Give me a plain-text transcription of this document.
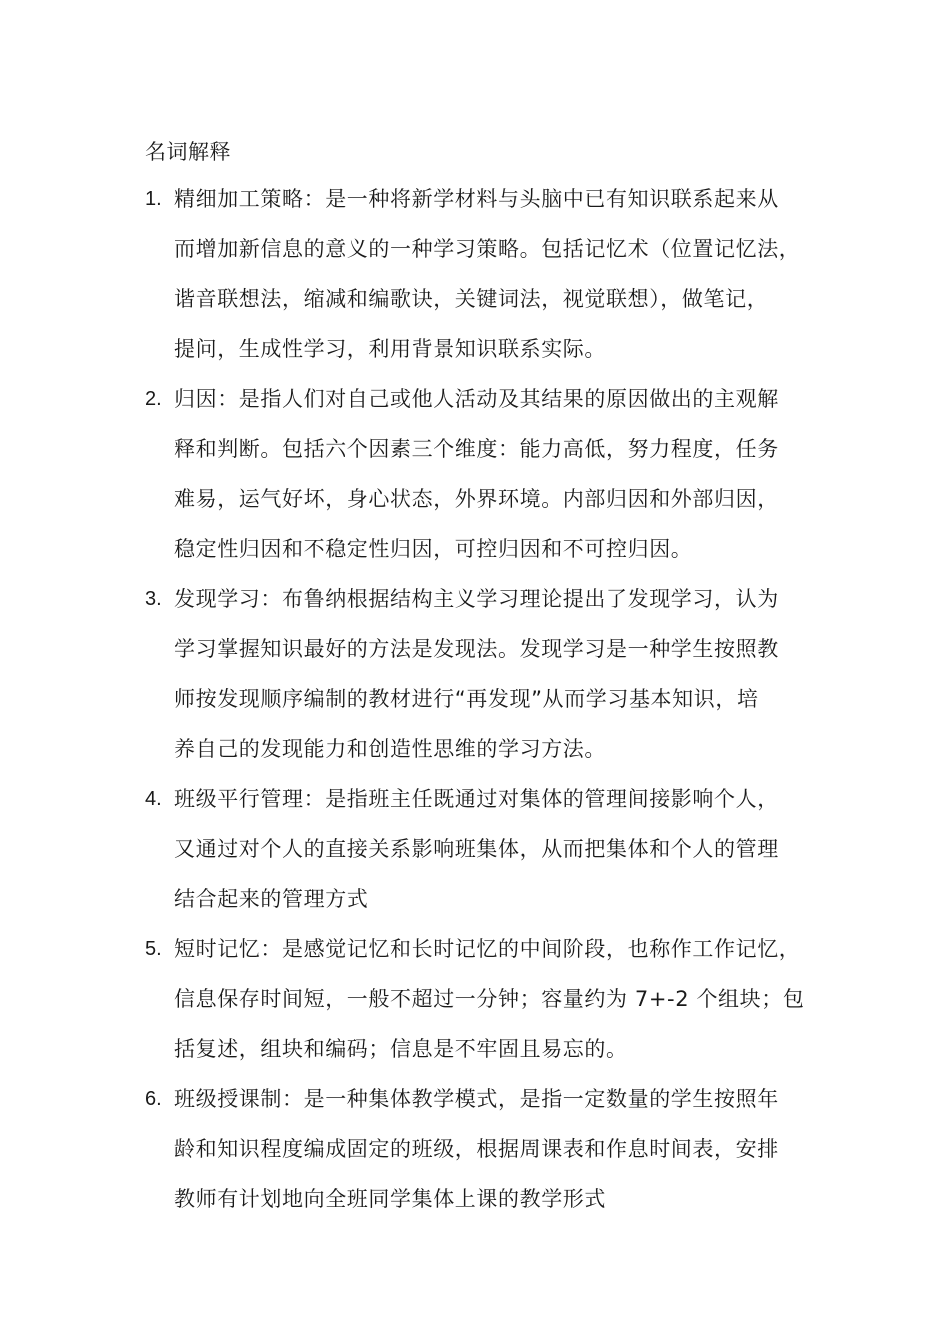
名词解释
1. 精细加工策略：是一种将新学材料与头脑中已有知识联系起来从
而增加新信息的意义的一种学习策略。包括记忆术（位置记忆法，
谐音联想法，缩减和编歌诀，关键词法，视觉联想），做笔记，
提问，生成性学习，利用背景知识联系实际。
2. 归因：是指人们对自己或他人活动及其结果的原因做出的主观解
释和判断。包括六个因素三个维度：能力高低，努力程度，任务
难易，运气好坏，身心状态，外界环境。内部归因和外部归因，
稳定性归因和不稳定性归因，可控归因和不可控归因。
3. 发现学习：布鲁纳根据结构主义学习理论提出了发现学习，认为
学习掌握知识最好的方法是发现法。发现学习是一种学生按照教
师按发现顺序编制的教材进行“再发现”从而学习基本知识，培
养自己的发现能力和创造性思维的学习方法。
4. 班级平行管理：是指班主任既通过对集体的管理间接影响个人，
又通过对个人的直接关系影响班集体，从而把集体和个人的管理
结合起来的管理方式
5. 短时记忆：是感觉记忆和长时记忆的中间阶段，也称作工作记忆，
信息保存时间短，一般不超过一分钟；容量约为 7+-2 个组块；包
括复述，组块和编码；信息是不牢固且易忘的。
6. 班级授课制：是一种集体教学模式，是指一定数量的学生按照年
龄和知识程度编成固定的班级，根据周课表和作息时间表，安排
教师有计划地向全班同学集体上课的教学形式
